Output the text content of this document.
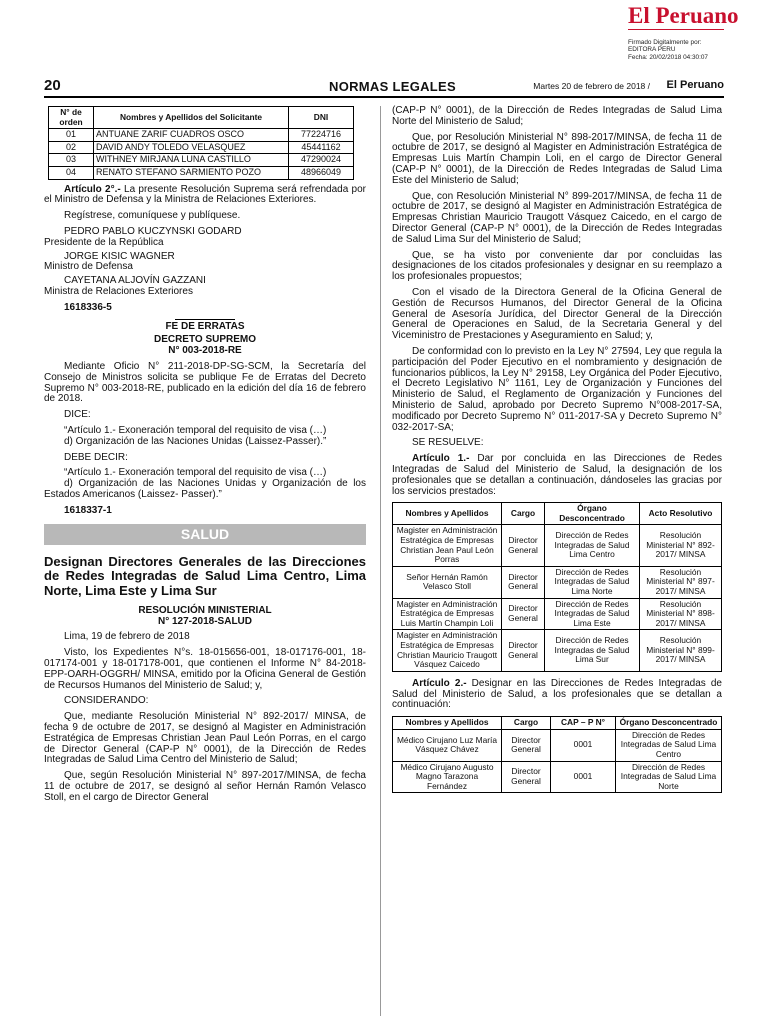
El Peruano
Firmado Digitalmente por:
EDITORA PERU
Fecha: 20/02/2018 04:30:07
20	NORMAS LEGALES	Martes 20 de febrero de 2018 / El Peruano
N° de orden	Nombres y Apellidos del Solicitante	DNI
01	ANTUANE ZARIF CUADROS OSCO	77224716
02	DAVID ANDY TOLEDO VELASQUEZ	45441162
03	WITHNEY MIRJANA LUNA CASTILLO	47290024
04	RENATO STEFANO SARMIENTO POZO	48966049

Artículo 2°.- La presente Resolución Suprema será refrendada por el Ministro de Defensa y la Ministra de Relaciones Exteriores.

Regístrese, comuníquese y publíquese.

PEDRO PABLO KUCZYNSKI GODARD
Presidente de la República

JORGE KISIC WAGNER
Ministro de Defensa

CAYETANA ALJOVÍN GAZZANI
Ministra de Relaciones Exteriores

1618336-5

FE DE ERRATAS

DECRETO SUPREMO

N° 003-2018-RE

Mediante Oficio N° 211-2018-DP-SG-SCM, la Secretaría del Consejo de Ministros solicita se publique Fe de Erratas del Decreto Supremo N° 003-2018-RE, publicado en la edición del día 16 de febrero de 2018.

DICE:

“Artículo 1.- Exoneración temporal del requisito de visa (…)

d) Organización de las Naciones Unidas (Laissez-Passer).”

DEBE DECIR:

“Artículo 1.- Exoneración temporal del requisito de visa (…)

d) Organización de las Naciones Unidas y Organización de los Estados Americanos (Laissez- Passer).”

1618337-1

SALUD
Designan Directores Generales de las Direcciones de Redes Integradas de Salud Lima Centro, Lima Norte, Lima Este y Lima Sur

RESOLUCIÓN MINISTERIAL

N° 127-2018-SALUD

Lima, 19 de febrero de 2018

Visto, los Expedientes N°s. 18-015656-001, 18-017176-001, 18-017174-001 y 18-017178-001, que contienen el Informe N° 84-2018-EPP-OARH-OGGRH/ MINSA, emitido por la Oficina General de Gestión de Recursos Humanos del Ministerio de Salud; y,

CONSIDERANDO:

Que, mediante Resolución Ministerial N° 892-2017/ MINSA, de fecha 9 de octubre de 2017, se designó al Magister en Administración Estratégica de Empresas Christian Jean Paul León Porras, en el cargo de Director General (CAP-P N° 0001), de la Dirección de Redes Integradas de Salud Lima Centro del Ministerio de Salud;

Que, según Resolución Ministerial N° 897-2017/MINSA, de fecha 11 de octubre de 2017, se designó al señor Hernán Ramón Velasco Stoll, en el cargo de Director General

(CAP-P N° 0001), de la Dirección de Redes Integradas de Salud Lima Norte del Ministerio de Salud;

Que, por Resolución Ministerial N° 898-2017/MINSA, de fecha 11 de octubre de 2017, se designó al Magister en Administración Estratégica de Empresas Luis Martín Champin Loli, en el cargo de Director General (CAP-P N° 0001), de la Dirección de Redes Integradas de Salud Lima Este del Ministerio de Salud;

Que, con Resolución Ministerial N° 899-2017/MINSA, de fecha 11 de octubre de 2017, se designó al Magister en Administración Estratégica de Empresas Christian Mauricio Traugott Vásquez Caicedo, en el cargo de Director General (CAP-P N° 0001), de la Dirección de Redes Integradas de Salud Lima Sur del Ministerio de Salud;

Que, se ha visto por conveniente dar por concluidas las designaciones de los citados profesionales y designar en su reemplazo a los profesionales propuestos;

Con el visado de la Directora General de la Oficina General de Gestión de Recursos Humanos, del Director General de la Oficina General de Asesoría Jurídica, del Director General de la Dirección General de Operaciones en Salud, de la Secretaria General y del Viceministro de Prestaciones y Aseguramiento en Salud; y,

De conformidad con lo previsto en la Ley N° 27594, Ley que regula la participación del Poder Ejecutivo en el nombramiento y designación de funcionarios públicos, la Ley N° 29158, Ley Orgánica del Poder Ejecutivo, el Decreto Legislativo N° 1161, Ley de Organización y Funciones del Ministerio de Salud, el Reglamento de Organización y Funciones del Ministerio de Salud, aprobado por Decreto Supremo N°008-2017-SA, modificado por Decreto Supremo N° 011-2017-SA y Decreto Supremo N° 032-2017-SA;

SE RESUELVE:

Artículo 1.- Dar por concluida en las Direcciones de Redes Integradas de Salud del Ministerio de Salud, la designación de los profesionales que se detallan a continuación, dándoseles las gracias por los servicios prestados:

Nombres y Apellidos	Cargo	Órgano Desconcentrado	Acto Resolutivo
Magister en Administración Estratégica de Empresas Christian Jean Paul León Porras	Director General	Dirección de Redes Integradas de Salud Lima Centro	Resolución Ministerial N° 892-2017/ MINSA
Señor Hernán Ramón Velasco Stoll	Director General	Dirección de Redes Integradas de Salud Lima Norte	Resolución Ministerial N° 897-2017/ MINSA
Magister en Administración Estratégica de Empresas Luis Martín Champin Loli	Director General	Dirección de Redes Integradas de Salud Lima Este	Resolución Ministerial N° 898-2017/ MINSA
Magister en Administración Estratégica de Empresas Christian Mauricio Traugott Vásquez Caicedo	Director General	Dirección de Redes Integradas de Salud Lima Sur	Resolución Ministerial N° 899-2017/ MINSA

Artículo 2.- Designar en las Direcciones de Redes Integradas de Salud del Ministerio de Salud, a los profesionales que se detallan a continuación:

Nombres y Apellidos	Cargo	CAP – P N°	Órgano Desconcentrado
Médico Cirujano Luz María Vásquez Chávez	Director General	0001	Dirección de Redes Integradas de Salud Lima Centro
Médico Cirujano Augusto Magno Tarazona Fernández	Director General	0001	Dirección de Redes Integradas de Salud Lima Norte
